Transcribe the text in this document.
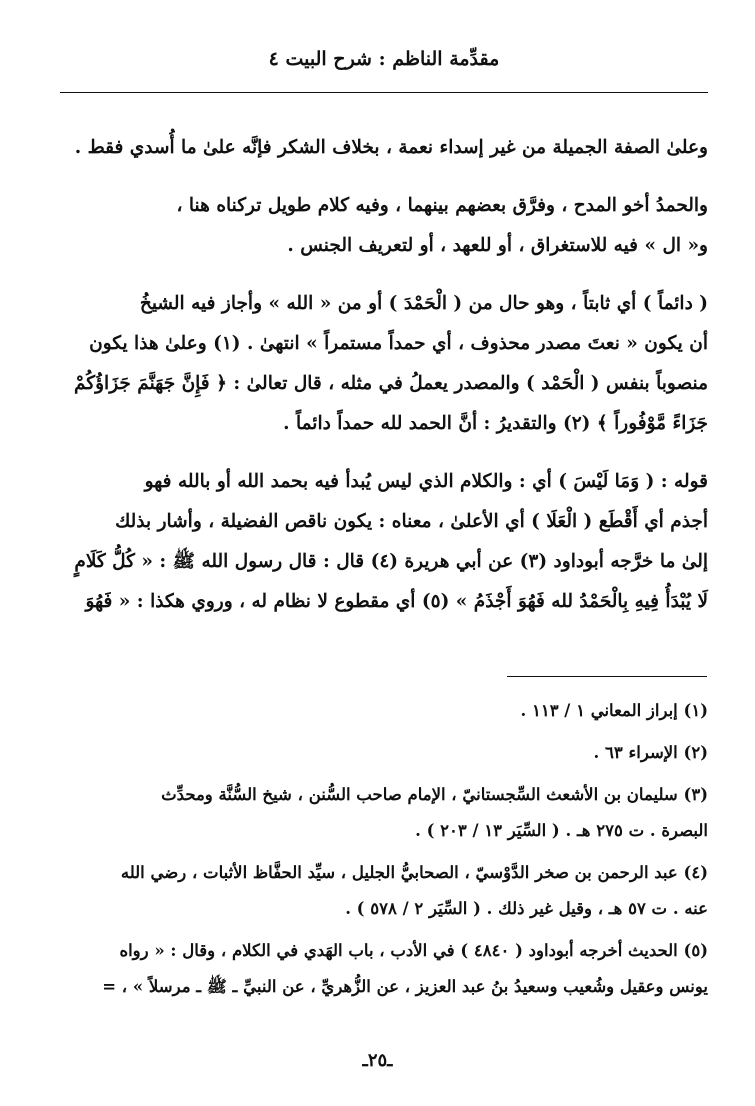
مقدِّمة الناظم : شرح البيت ٤

وعلىٰ الصفة الجميلة من غير إسداء نعمة ، بخلاف الشكر فإنَّه علىٰ ما أُسدي فقط .

والحمدُ أخو المدح ، وفرَّق بعضهم بينهما ، وفيه كلام طويل تركناه هنا ،
و« ال » فيه للاستغراق ، أو للعهد ، أو لتعريف الجنس .

( دائماً ) أي ثابتاً ، وهو حال من ( الْحَمْدَ ) أو من « الله » وأجاز فيه الشيخُ
أن يكون « نعتَ مصدر محذوف ، أي حمداً مستمراً » انتهىٰ . (١) وعلىٰ هذا يكون
منصوباً بنفس ( الْحَمْد ) والمصدر يعملُ في مثله ، قال تعالىٰ : ﴿ فَإِنَّ جَهَنَّمَ جَزَاؤُكُمْ
جَزَاءً مَّوْفُوراً ﴾ (٢) والتقديرُ : أنَّ الحمد لله حمداً دائماً .

قوله : ( وَمَا لَيْسَ ) أي : والكلام الذي ليس يُبدأ فيه بحمد الله أو بالله فهو
أجذم أي أَقْطَع ( الْعَلَا ) أي الأعلىٰ ، معناه : يكون ناقص الفضيلة ، وأشار بذلك
إلىٰ ما خرَّجه أبوداود (٣) عن أبي هريرة (٤) قال : قال رسول الله ﷺ : « كُلُّ كَلَامٍ
لَا يُبْدَأُ فِيهِ بِالْحَمْدُ لله فَهُوَ أَجْذَمُ » (٥) أي مقطوع لا نظام له ، وروي هكذا : « فَهُوَ

(١) إبراز المعاني ١ / ١١٣ .

(٢) الإسراء ٦٣ .

(٣) سليمان بن الأشعث السِّجستانيّ ، الإمام صاحب السُّنن ، شيخ السُّنَّة ومحدِّث
البصرة . ت ٢٧٥ هـ . ( السِّيَر ١٣ / ٢٠٣ ) .

(٤) عبد الرحمن بن صخر الدَّوْسيّ ، الصحابيُّ الجليل ، سيِّد الحفَّاظ الأثبات ، رضي الله
عنه . ت ٥٧ هـ ، وقيل غير ذلك . ( السِّيَر ٢ / ٥٧٨ ) .

(٥) الحديث أخرجه أبوداود ( ٤٨٤٠ ) في الأدب ، باب الهَدي في الكلام ، وقال : « رواه
يونس وعقيل وشُعيب وسعيدُ بنُ عبد العزيز ، عن الزُّهريِّ ، عن النبيِّ ـ ﷺ ـ مرسلاً » ، =

ـ٢٥ـ
